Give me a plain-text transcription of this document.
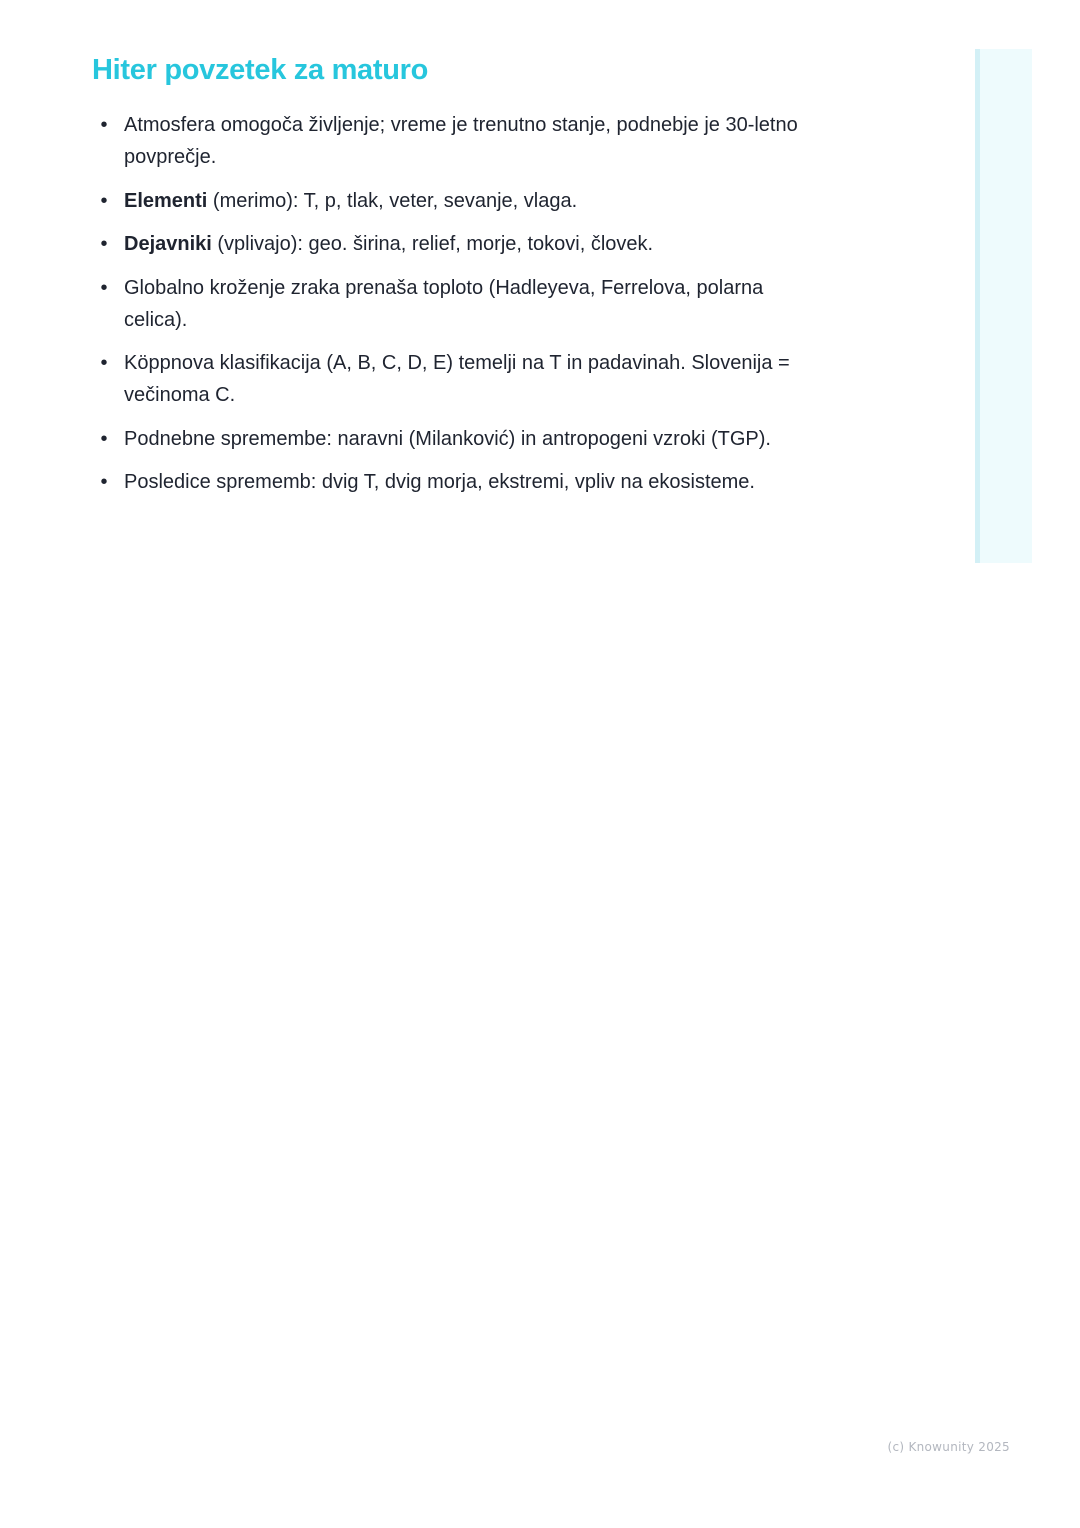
Hiter povzetek za maturo
• Atmosfera omogoča življenje; vreme je trenutno stanje, podnebje je 30-letno povprečje.
• Elementi (merimo): T, p, tlak, veter, sevanje, vlaga.
• Dejavniki (vplivajo): geo. širina, relief, morje, tokovi, človek.
• Globalno kroženje zraka prenaša toploto (Hadleyeva, Ferrelova, polarna celica).
• Köppnova klasifikacija (A, B, C, D, E) temelji na T in padavinah. Slovenija = večinoma C.
• Podnebne spremembe: naravni (Milanković) in antropogeni vzroki (TGP).
• Posledice sprememb: dvig T, dvig morja, ekstremi, vpliv na ekosisteme.
(c) Knowunity 2025
